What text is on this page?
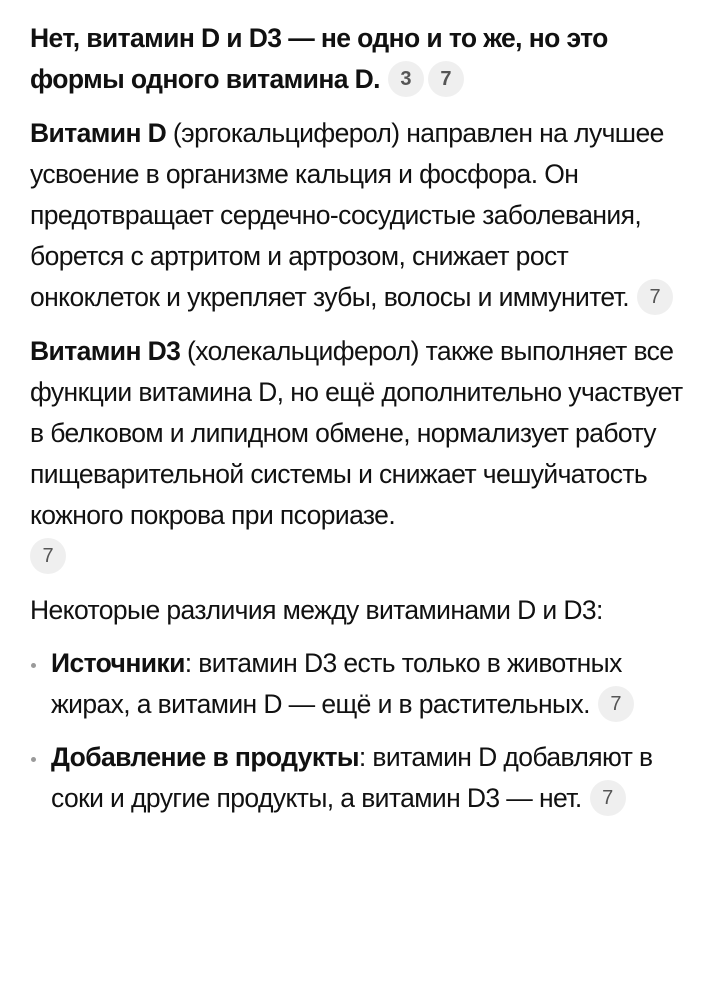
Нет, витамин D и D3 — не одно и то же, но это формы одного витамина D. 3 7

Витамин D (эргокальциферол) направлен на лучшее усвоение в организме кальция и фосфора. Он предотвращает сердечно-сосудистые заболевания, борется с артритом и артрозом, снижает рост онкоклеток и укрепляет зубы, волосы и иммунитет. 7

Витамин D3 (холекальциферол) также выполняет все функции витамина D, но ещё дополнительно участвует в белковом и липидном обмене, нормализует работу пищеварительной системы и снижает чешуйчатость кожного покрова при псориазе.
7

Некоторые различия между витаминами D и D3:

Источники: витамин D3 есть только в животных жирах, а витамин D — ещё и в растительных. 7
Добавление в продукты: витамин D добавляют в соки и другие продукты, а витамин D3 — нет. 7
